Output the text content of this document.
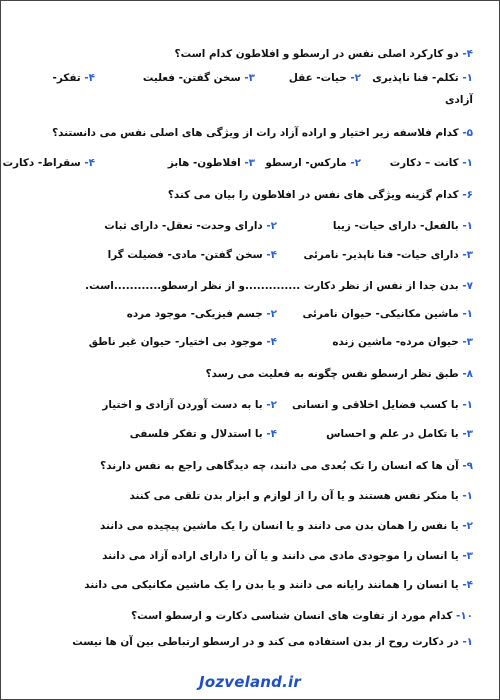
۴- دو کارکرد اصلی نفس در ارسطو و افلاطون کدام است؟
۱- تکلم- فنا ناپذیری
۲- حیات- عقل
۳- سخن گفتن- فعلیت
۴- تفکر-
آزادی
۵- کدام فلاسفه زیر اختیار و اراده آزاد رات از ویژگی های اصلی نفس می دانستند؟
۱- کانت – دکارت
۲- مارکس- ارسطو
۳- افلاطون- هابز
۴- سقراط- دکارت
۶- کدام گزینه ویژگی های نفس در افلاطون را بیان می کند؟
۱- بالفعل- دارای حیات- زیبا
۲- دارای وحدت- تعقل- دارای ثبات
۳- دارای حیات- فنا ناپذیر- نامرئی
۴- سخن گفتن- مادی- فضیلت گرا
۷- بدن جدا از نفس از نظر دکارت ..............و از نظر ارسطو............است.
۱- ماشین مکانیکی- حیوان نامرئی
۲- جسم فیزیکی- موجود مرده
۳- حیوان مرده- ماشین زنده
۴- موجود بی اختیار- حیوان غیر ناطق
۸- طبق نظر ارسطو نفس چگونه به فعلیت می رسد؟
۱- با کسب فضایل اخلاقی و انسانی
۲- با به دست آوردن آزادی و اختیار
۳- با تکامل در علم و احساس
۴- با استدلال و تفکر فلسفی
۹- آن ها که انسان را تک بُعدی می دانند، چه دیدگاهی راجع به نفس دارند؟
۱- یا منکر نفس هستند و یا آن را از لوازم و ابزار بدن تلقی می کنند
۲- یا نفس را همان بدن می دانند و یا انسان را یک ماشین پیچیده می دانند
۳- یا انسان را موجودی مادی می دانند و یا آن را دارای اراده آزاد می دانند
۴- یا انسان را همانند رایانه می دانند و یا بدن را یک ماشین مکانیکی می دانند
۱۰- کدام مورد از تفاوت های انسان شناسی دکارت و ارسطو است؟
۱- در دکارت روح از بدن استفاده می کند و در ارسطو ارتباطی بین آن ها نیست
Jozveland.ir
